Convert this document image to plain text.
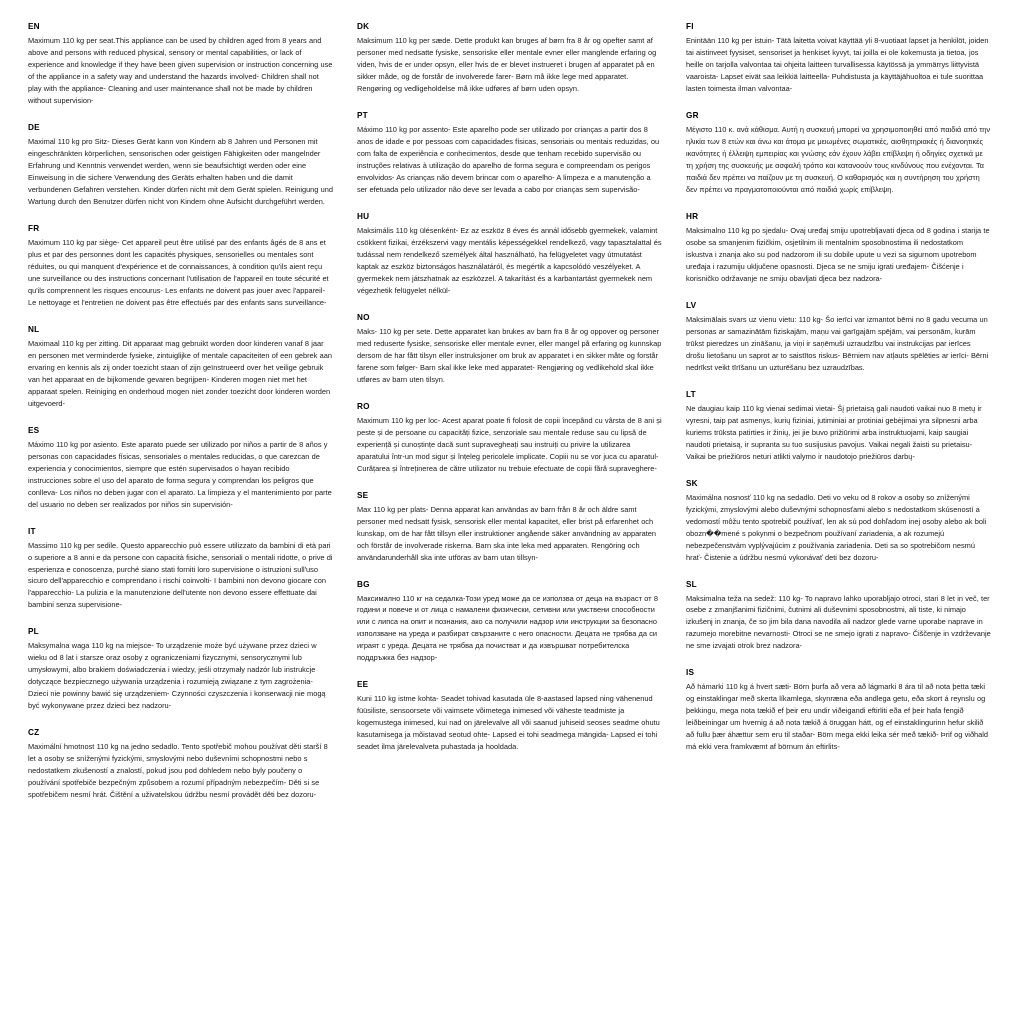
EN

Maximum 110 kg per seat.This appliance can be used by children aged from 8 years and above and persons with reduced physical, sensory or mental capabilities, or lack of experience and knowledge if they have been given supervision or instruction concerning use of the appliance in a safety way and understand the hazards involved- Children shall not play with the appliance- Cleaning and user maintenance shall not be made by children without supervision-

DE

Maximal 110 kg pro Sitz- Dieses Gerät kann von Kindern ab 8 Jahren und Personen mit eingeschränkten körperlichen, sensorischen oder geistigen Fähigkeiten oder mangelnder Erfahrung und Kenntnis verwendet werden, wenn sie beaufsichtigt werden oder eine Einweisung in die sichere Verwendung des Geräts erhalten haben und die damit verbundenen Gefahren verstehen. Kinder dürfen nicht mit dem Gerät spielen. Reinigung und Wartung durch den Benutzer dürfen nicht von Kindern ohne Aufsicht durchgeführt werden.

FR

Maximum 110 kg par siège- Cet appareil peut être utilisé par des enfants âgés de 8 ans et plus et par des personnes dont les capacités physiques, sensorielles ou mentales sont réduites, ou qui manquent d'expérience et de connaissances, à condition qu'ils aient reçu une surveillance ou des instructions concernant l'utilisation de l'appareil en toute sécurité et qu'ils comprennent les risques encourus- Les enfants ne doivent pas jouer avec l'appareil- Le nettoyage et l'entretien ne doivent pas être effectués par des enfants sans surveillance-

NL

Maximaal 110 kg per zitting. Dit apparaat mag gebruikt worden door kinderen vanaf 8 jaar en personen met verminderde fysieke, zintuiglijke of mentale capaciteiten of een gebrek aan ervaring en kennis als zij onder toezicht staan of zijn geïnstrueerd over het veilige gebruik van het apparaat en de bijkomende gevaren begrijpen- Kinderen mogen niet met het apparaat spelen. Reiniging en onderhoud mogen niet zonder toezicht door kinderen worden uitgevoerd-

ES

Máximo 110 kg por asiento. Este aparato puede ser utilizado por niños a partir de 8 años y personas con capacidades físicas, sensoriales o mentales reducidas, o que carezcan de experiencia y conocimientos, siempre que estén supervisados o hayan recibido instrucciones sobre el uso del aparato de forma segura y comprendan los peligros que conlleva- Los niños no deben jugar con el aparato. La limpieza y el mantenimiento por parte del usuario no deben ser realizados por niños sin supervisión-

IT

Massimo 110 kg per sedile. Questo apparecchio può essere utilizzato da bambini di età pari o superiore a 8 anni e da persone con capacità fisiche, sensoriali o mentali ridotte, o prive di esperienza e conoscenza, purché siano stati forniti loro supervisione o istruzioni sull'uso sicuro dell'apparecchio e comprendano i rischi coinvolti- I bambini non devono giocare con l'apparecchio- La pulizia e la manutenzione dell'utente non devono essere effettuate dai bambini senza supervisione-

PL

Maksymalna waga 110 kg na miejsce- To urządzenie może być używane przez dzieci w wieku od 8 lat i starsze oraz osoby z ograniczeniami fizycznymi, sensorycznymi lub umysłowymi, albo brakiem doświadczenia i wiedzy, jeśli otrzymały nadzór lub instrukcje dotyczące bezpiecznego używania urządzenia i rozumieją związane z tym zagrożenia- Dzieci nie powinny bawić się urządzeniem- Czynności czyszczenia i konserwacji nie mogą być wykonywane przez dzieci bez nadzoru-

CZ

Maximální hmotnost 110 kg na jedno sedadlo. Tento spotřebič mohou používat děti starší 8 let a osoby se sníženými fyzickými, smyslovými nebo duševními schopnostmi nebo s nedostatkem zkušeností a znalostí, pokud jsou pod dohledem nebo byly poučeny o používání spotřebiče bezpečným způsobem a rozumí případným nebezpečím- Děti si se spotřebičem nesmí hrát. Čištění a uživatelskou údržbu nesmí provádět děti bez dozoru-

DK

Maksimum 110 kg per sæde. Dette produkt kan bruges af børn fra 8 år og opefter samt af personer med nedsatte fysiske, sensoriske eller mentale evner eller manglende erfaring og viden, hvis de er under opsyn, eller hvis de er blevet instrueret i brugen af apparatet på en sikker måde, og de forstår de involverede farer- Børn må ikke lege med apparatet. Rengøring og vedligeholdelse må ikke udføres af børn uden opsyn.

PT

Máximo 110 kg por assento- Este aparelho pode ser utilizado por crianças a partir dos 8 anos de idade e por pessoas com capacidades físicas, sensoriais ou mentais reduzidas, ou com falta de experiência e conhecimentos, desde que tenham recebido supervisão ou instruções relativas à utilização do aparelho de forma segura e compreendam os perigos envolvidos- As crianças não devem brincar com o aparelho- A limpeza e a manutenção a ser efetuada pelo utilizador não deve ser levada a cabo por crianças sem supervisão-

HU

Maksimális 110 kg ülésenként- Ez az eszköz 8 éves és annál idősebb gyermekek, valamint csökkent fizikai, érzékszervi vagy mentális képességekkel rendelkező, vagy tapasztalattal és tudással nem rendelkező személyek által használható, ha felügyeletet vagy útmutatást kaptak az eszköz biztonságos használatáról, és megértik a kapcsolódó veszélyeket. A gyermekek nem játszhatnak az eszközzel. A takarítást és a karbantartást gyermekek nem végezhetik felügyelet nélkül-

NO

Maks- 110 kg per sete. Dette apparatet kan brukes av barn fra 8 år og oppover og personer med reduserte fysiske, sensoriske eller mentale evner, eller mangel på erfaring og kunnskap dersom de har fått tilsyn eller instruksjoner om bruk av apparatet i en sikker måte og forstår farene som følger- Barn skal ikke leke med apparatet- Rengjøring og vedlikehold skal ikke utføres av barn uten tilsyn.

RO

Maximum 110 kg per loc- Acest aparat poate fi folosit de copii începând cu vârsta de 8 ani și peste și de persoane cu capacități fizice, senzoriale sau mentale reduse sau cu lipsă de experiență și cunoștințe dacă sunt supravegheați sau instruiți cu privire la utilizarea aparatului într-un mod sigur și înțeleg pericolele implicate. Copiii nu se vor juca cu aparatul- Curățarea și întreținerea de către utilizator nu trebuie efectuate de copii fără supraveghere-

SE

Max 110 kg per plats- Denna apparat kan användas av barn från 8 år och äldre samt personer med nedsatt fysisk, sensorisk eller mental kapacitet, eller brist på erfarenhet och kunskap, om de har fått tillsyn eller instruktioner angående säker användning av apparaten och förstår de involverade riskerna. Barn ska inte leka med apparaten. Rengöring och användarunderhåll ska inte utföras av barn utan tillsyn-

BG

Максимално 110 кг на седалка-Този уред може да се използва от деца на възраст от 8 години и повече и от лица с намалени физически, сетивни или умствени способности или с липса на опит и познания, ако са получили надзор или инструкции за безопасно използване на уреда и разбират свързаните с него опасности. Децата не трябва да си играят с уреда. Децата не трябва да почистват и да извършват потребителска поддръжка без надзор-

EE

Kuni 110 kg istme kohta- Seadet tohivad kasutada üle 8-aastased lapsed ning vähenenud füüsiliste, sensoorsete või vaimsete võimetega inimesed või väheste teadmiste ja kogemustega inimesed, kui nad on järelevalve all või saanud juhiseid seoses seadme ohutu kasutamisega ja mõistavad seotud ohte- Lapsed ei tohi seadmega mängida- Lapsed ei tohi seadet ilma järelevalveta puhastada ja hooldada.

FI

Enintään 110 kg per istuin- Tätä laitetta voivat käyttää yli 8-vuotiaat lapset ja henkilöt, joiden tai aistinveet fyysiset, sensoriset ja henkiset kyvyt, tai joilla ei ole kokemusta ja tietoa, jos heille on tarjolla valvontaa tai ohjeita laitteen turvallisessa käytössä ja ymmärrys liittyvistä vaaroista- Lapset eivät saa leikkiä laitteella- Puhdistusta ja käyttäjähuoltoa ei tule suorittaa lasten toimesta ilman valvontaa-

GR

Μέγιστο 110 κ. ανά κάθισμα. Αυτή η συσκευή μπορεί να χρησιμοποιηθεί από παιδιά από την ηλικία των 8 ετών και άνω και άτομα με μειωμένες σωματικές, αισθητηριακές ή διανοητικές ικανότητες ή έλλειψη εμπειρίας και γνώσης εάν έχουν λάβει επίβλεψη ή οδηγίες σχετικά με τη χρήση της συσκευής με ασφαλή τρόπο και κατανοούν τους κινδύνους που ενέχονται. Τα παιδιά δεν πρέπει να παίζουν με τη συσκευή. Ο καθαρισμός και η συντήρηση του χρήστη δεν πρέπει να πραγματοποιούνται από παιδιά χωρίς επίβλεψη.

HR

Maksimalno 110 kg po sjedalu- Ovaj uređaj smiju upotrebljavati djeca od 8 godina i starija te osobe sa smanjenim fizičkim, osjetilnim ili mentalnim sposobnostima ili nedostatkom iskustva i znanja ako su pod nadzorom ili su dobile upute u vezi sa sigurnom upotrebom uređaja i razumiju uključene opasnosti. Djeca se ne smiju igrati uređajem- Čišćenje i korisničko održavanje ne smiju obavljati djeca bez nadzora-

LV

Maksimālais svars uz vienu vietu: 110 kg- Šo ierīci var izmantot bērni no 8 gadu vecuma un personas ar samazinātām fiziskajām, maņu vai garīgajām spējām, vai personām, kurām trūkst pieredzes un zināšanu, ja viņi ir saņēmuši uzraudzību vai instrukcijas par ierīces drošu lietošanu un saprot ar to saistītos riskus- Bērniem nav atļauts spēlēties ar ierīci- Bērni nedrīkst veikt tīrīšanu un uzturēšanu bez uzraudzības.

LT

Ne daugiau kaip 110 kg vienai sedimai vietai- Šį prietaisą gali naudoti vaikai nuo 8 metų ir vyresni, taip pat asmenys, kurių fiziniai, jutiminiai ar protiniai gebėjimai yra silpnesni arba kuriems trūksta patirties ir žinių, jei jie buvo prižiūrimi arba instruktuojami, kaip saugiai naudoti prietaisą, ir supranta su tuo susijusius pavojus. Vaikai negali žaisti su prietaisu- Vaikai be priežiūros neturi atlikti valymo ir naudotojo priežiūros darbų-

SK

Maximálna nosnosť 110 kg na sedadlo. Deti vo veku od 8 rokov a osoby so zníženými fyzickými, zmyslovými alebo duševnými schopnosťami alebo s nedostatkom skúseností a vedomostí môžu tento spotrebič používať, len ak sú pod dohľadom inej osoby alebo ak boli obozn��mené s pokynmi o bezpečnom používaní zariadenia, a ak rozumejú nebezpečenstvám vyplývajúcim z používania zariadenia. Deti sa so spotrebičom nesmú hrať- Čistenie a údržbu nesmú vykonávať deti bez dozoru-

SL

Maksimalna teža na sedež: 110 kg- To napravo lahko uporabljajo otroci, stari 8 let in več, ter osebe z zmanjšanimi fizičnimi, čutnimi ali duševnimi sposobnostmi, ali tiste, ki nimajo izkušenj in znanja, če so jim bila dana navodila ali nadzor glede varne uporabe naprave in razumejo morebitne nevarnosti- Otroci se ne smejo igrati z napravo- Čiščenje in vzdrževanje ne sme izvajati otrok brez nadzora-

IS

Að hámarki 110 kg á hvert sæti- Börn þurfa að vera að lágmarki 8 ára til að nota þetta tæki og einstaklingar með skerta líkamlega, skynræna eða andlega getu, eða skort á reynslu og þekkingu, mega nota tækið ef þeir eru undir viðeigandi eftirliti eða ef þeir hafa fengið leiðbeiningar um hvernig á að nota tækið á öruggan hátt, og ef einstaklingurinn hefur skilið að fullu þær áhættur sem eru til staðar- Börn mega ekki leika sér með tækið- Þrif og viðhald má ekki vera framkvæmt af börnum án eftirlits-
